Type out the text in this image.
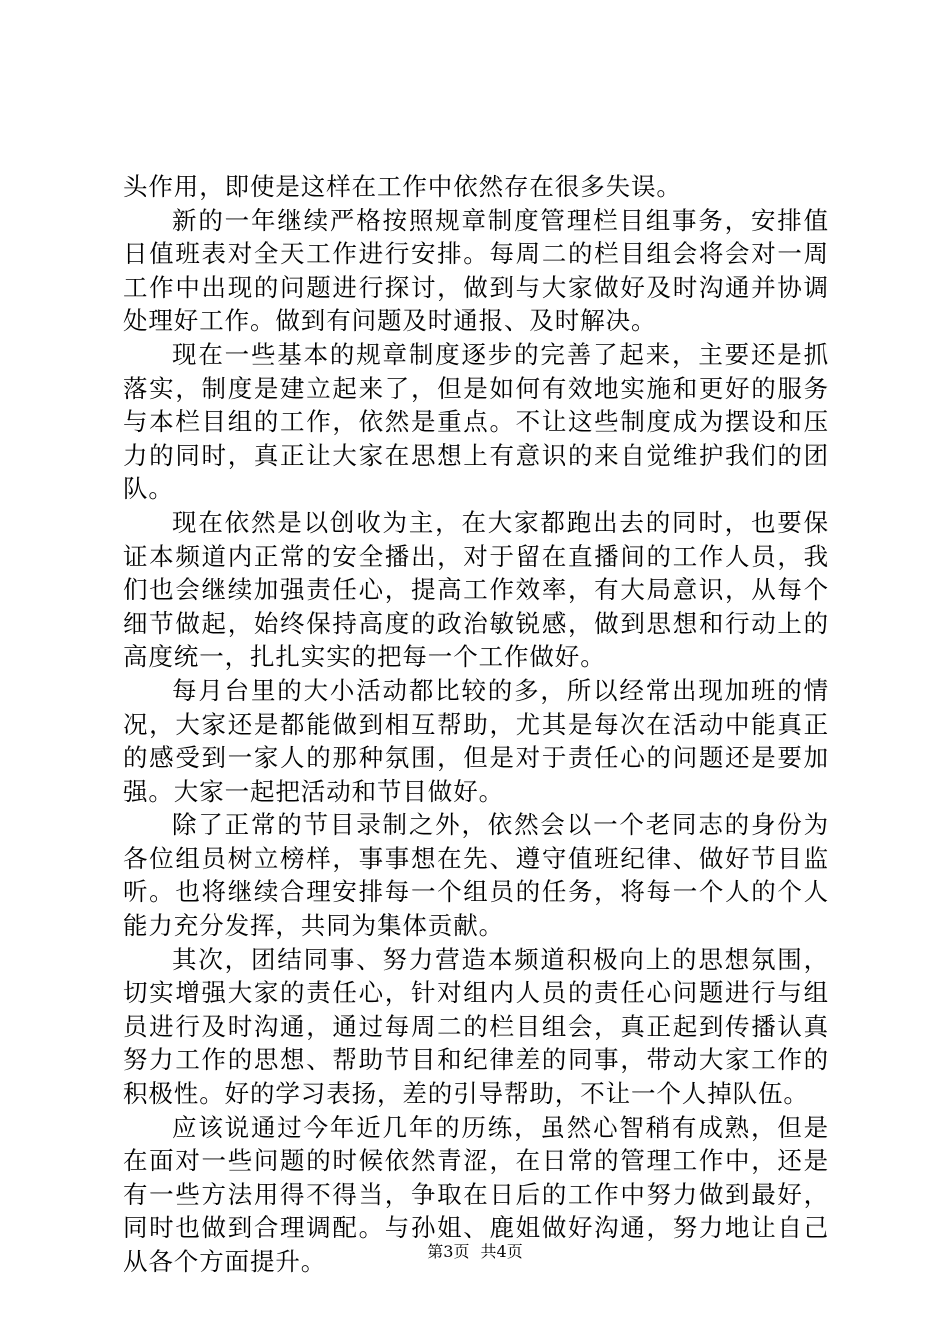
头作用，即使是这样在工作中依然存在很多失误。

新的一年继续严格按照规章制度管理栏目组事务，安排值日值班表对全天工作进行安排。每周二的栏目组会将会对一周工作中出现的问题进行探讨，做到与大家做好及时沟通并协调处理好工作。做到有问题及时通报、及时解决。

现在一些基本的规章制度逐步的完善了起来，主要还是抓落实，制度是建立起来了，但是如何有效地实施和更好的服务与本栏目组的工作，依然是重点。不让这些制度成为摆设和压力的同时，真正让大家在思想上有意识的来自觉维护我们的团队。

现在依然是以创收为主，在大家都跑出去的同时，也要保证本频道内正常的安全播出，对于留在直播间的工作人员，我们也会继续加强责任心，提高工作效率，有大局意识，从每个细节做起，始终保持高度的政治敏锐感，做到思想和行动上的高度统一，扎扎实实的把每一个工作做好。

每月台里的大小活动都比较的多，所以经常出现加班的情况，大家还是都能做到相互帮助，尤其是每次在活动中能真正的感受到一家人的那种氛围，但是对于责任心的问题还是要加强。大家一起把活动和节目做好。

除了正常的节目录制之外，依然会以一个老同志的身份为各位组员树立榜样，事事想在先、遵守值班纪律、做好节目监听。也将继续合理安排每一个组员的任务，将每一个人的个人能力充分发挥，共同为集体贡献。

其次，团结同事、努力营造本频道积极向上的思想氛围，切实增强大家的责任心，针对组内人员的责任心问题进行与组员进行及时沟通，通过每周二的栏目组会，真正起到传播认真努力工作的思想、帮助节目和纪律差的同事，带动大家工作的积极性。好的学习表扬，差的引导帮助，不让一个人掉队伍。

应该说通过今年近几年的历练，虽然心智稍有成熟，但是在面对一些问题的时候依然青涩，在日常的管理工作中，还是有一些方法用得不得当，争取在日后的工作中努力做到最好，同时也做到合理调配。与孙姐、鹿姐做好沟通，努力地让自己从各个方面提升。	第3页 共4页
